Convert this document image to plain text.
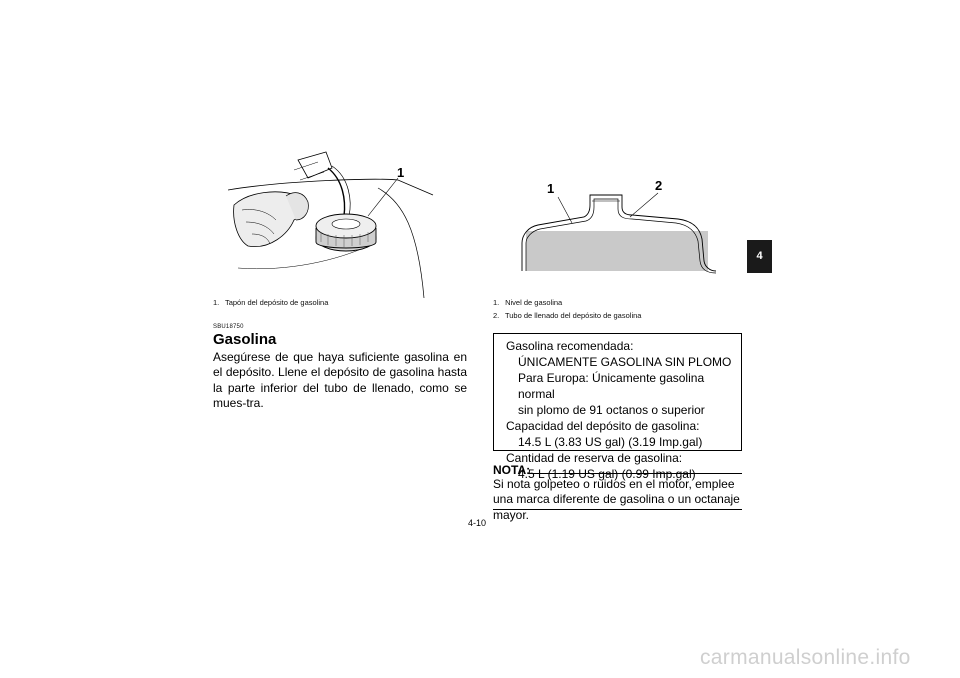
1
1. Tapón del depósito de gasolina
SBU18750
Gasolina
Asegúrese de que haya suficiente gasolina en el depósito. Llene el depósito de gasolina hasta la parte inferior del tubo de llenado, como se mues-tra.
1	2
1. Nivel de gasolina
2. Tubo de llenado del depósito de gasolina
Gasolina recomendada:
ÚNICAMENTE GASOLINA SIN PLOMO
Para Europa: Únicamente gasolina normal
sin plomo de 91 octanos o superior
Capacidad del depósito de gasolina:
14.5 L (3.83 US gal) (3.19 Imp.gal)
Cantidad de reserva de gasolina:
4.5 L (1.19 US gal) (0.99 Imp.gal)
NOTA:
Si nota golpeteo o ruidos en el motor, emplee una marca diferente de gasolina o un octanaje mayor.
4
4-10
carmanualsonline.info
